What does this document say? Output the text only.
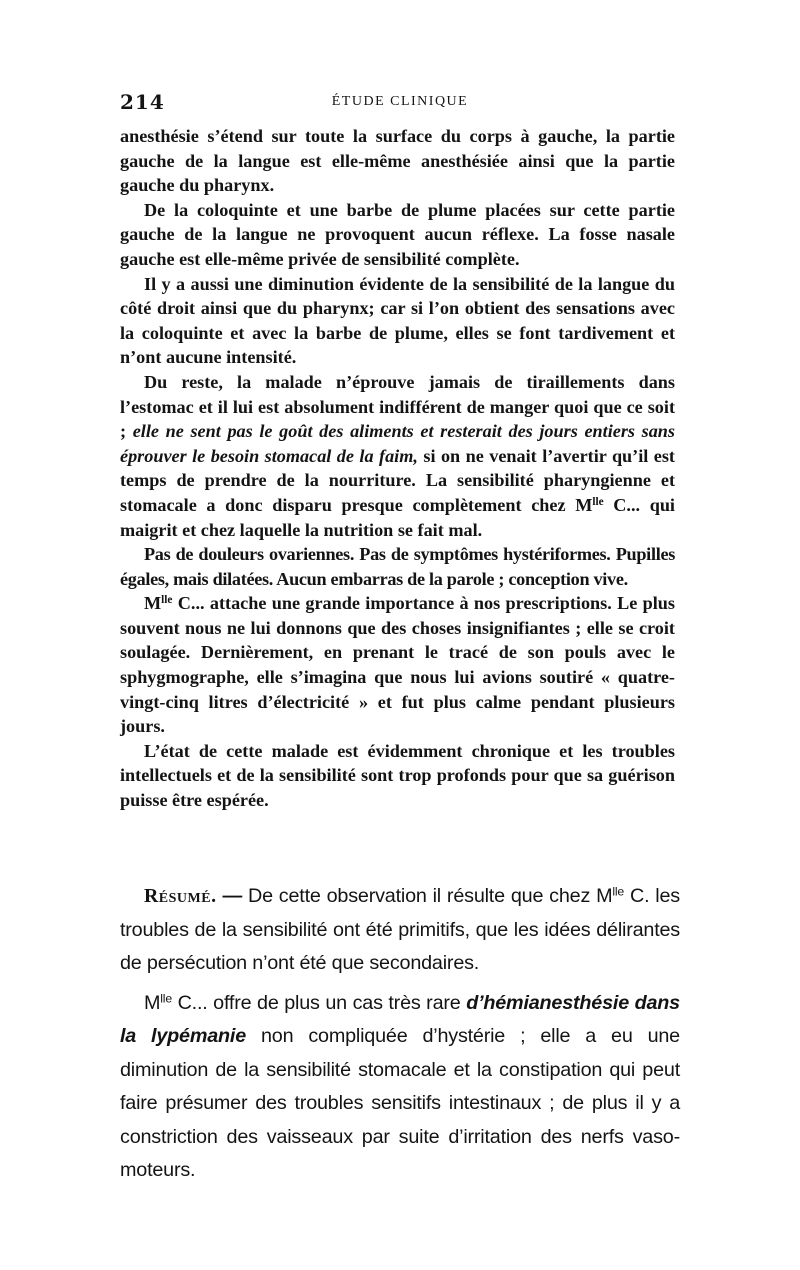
214	ÉTUDE CLINIQUE

anesthésie s’étend sur toute la surface du corps à gauche, la partie gauche de la langue est elle-même anesthésiée ainsi que la partie gauche du pharynx.

De la coloquinte et une barbe de plume placées sur cette partie gauche de la langue ne provoquent aucun réflexe. La fosse nasale gauche est elle-même privée de sensibilité complète.

Il y a aussi une diminution évidente de la sensibilité de la langue du côté droit ainsi que du pharynx; car si l’on obtient des sensations avec la coloquinte et avec la barbe de plume, elles se font tardivement et n’ont aucune intensité.

Du reste, la malade n’éprouve jamais de tiraillements dans l’estomac et il lui est absolument indifférent de manger quoi que ce soit ; elle ne sent pas le goût des aliments et resterait des jours entiers sans éprouver le besoin stomacal de la faim, si on ne venait l’avertir qu’il est temps de prendre de la nourriture. La sensibilité pharyngienne et stomacale a donc disparu presque complètement chez $M^{lle}$ C... qui maigrit et chez laquelle la nutrition se fait mal.

Pas de douleurs ovariennes. Pas de symptômes hystériformes. Pupilles égales, mais dilatées. Aucun embarras de la parole ; conception vive.

$M^{lle}$ C... attache une grande importance à nos prescriptions. Le plus souvent nous ne lui donnons que des choses insignifiantes ; elle se croit soulagée. Dernièrement, en prenant le tracé de son pouls avec le sphygmographe, elle s’imagina que nous lui avions soutiré « quatre-vingt-cinq litres d’électricité » et fut plus calme pendant plusieurs jours.

L’état de cette malade est évidemment chronique et les troubles intellectuels et de la sensibilité sont trop profonds pour que sa guérison puisse être espérée.

Résumé. — De cette observation il résulte que chez $M^{lle}$ C. les troubles de la sensibilité ont été primitifs, que les idées délirantes de persécution n’ont été que secondaires.

$M^{lle}$ C... offre de plus un cas très rare d’hémianesthésie dans la lypémanie non compliquée d’hystérie ; elle a eu une diminution de la sensibilité stomacale et la constipation qui peut faire présumer des troubles sensitifs intestinaux ; de plus il y a constriction des vaisseaux par suite d’irritation des nerfs vaso-moteurs.
